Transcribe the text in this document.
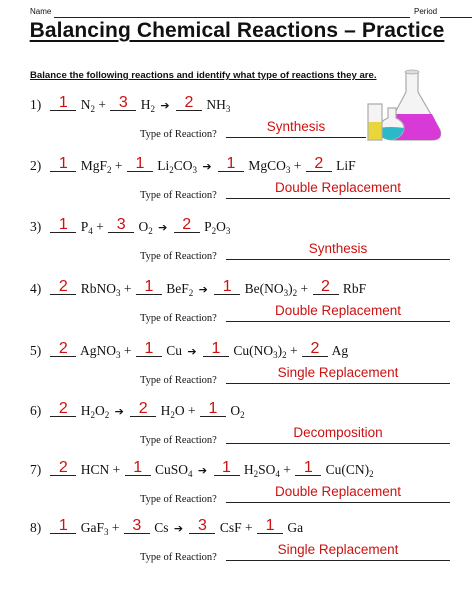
Name	Period
Balancing Chemical Reactions – Practice
Balance the following reactions and identify what type of reactions they are.
1)	1 $N_2 + 3$ $H_2$ ➔ 2 $NH_3$
Type of Reaction?
Synthesis
2)	1 MgF$_2$ + 1 $Li_2CO_3$ ➔ 1 MgCO$_3$ + 2 LiF
Type of Reaction?
Double Replacement
3)	1 $P_4 + 3$ $O_2$ ➔ 2 $P_2O_3$
Type of Reaction?
Synthesis
4)	2 RbNO$_3$ + 1 BeF$_2$ ➔ 1 $Be(NO_3)_2 + 2$ RbF
Type of Reaction?
Double Replacement
5)	2 AgNO$_3$ + 1 Cu ➔ 1 $Cu(NO_3)_2 + 2$ Ag
Type of Reaction?
Single Replacement
6)	2 $H_2O_2$ ➔ 2 $H_2O + 1$ $O_2$
Type of Reaction?
Decomposition
7)	2 HCN + 1 CuSO$_4$ ➔ 1 $H_2SO_4 + 1$ $Cu(CN)_2$
Type of Reaction?
Double Replacement
8)	1 GaF$_3$ + 3 Cs ➔ 3 CsF + 1 Ga
Type of Reaction?
Single Replacement
